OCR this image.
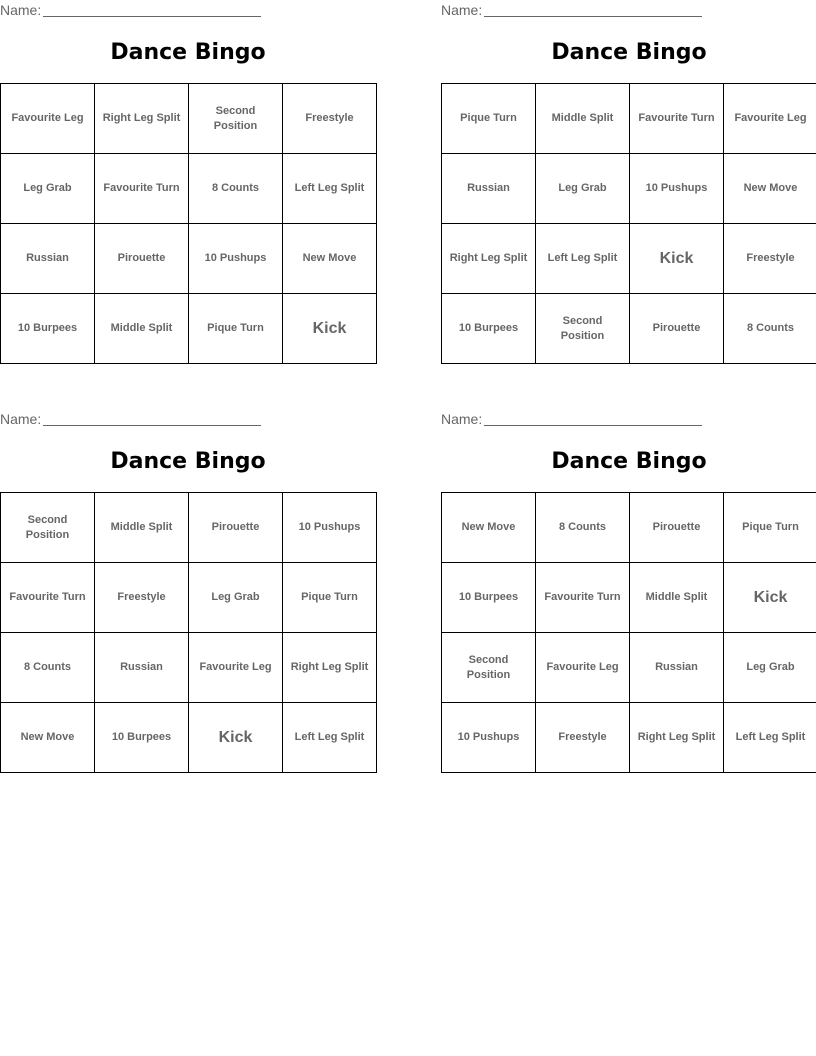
Name:
Dance Bingo
Favourite Leg	Right Leg Split	Second Position	Freestyle
Leg Grab	Favourite Turn	8 Counts	Left Leg Split
Russian	Pirouette	10 Pushups	New Move
10 Burpees	Middle Split	Pique Turn	Kick
Name:
Dance Bingo
Pique Turn	Middle Split	Favourite Turn	Favourite Leg
Russian	Leg Grab	10 Pushups	New Move
Right Leg Split	Left Leg Split	Kick	Freestyle
10 Burpees	Second Position	Pirouette	8 Counts
Name:
Dance Bingo
Second Position	Middle Split	Pirouette	10 Pushups
Favourite Turn	Freestyle	Leg Grab	Pique Turn
8 Counts	Russian	Favourite Leg	Right Leg Split
New Move	10 Burpees	Kick	Left Leg Split
Name:
Dance Bingo
New Move	8 Counts	Pirouette	Pique Turn
10 Burpees	Favourite Turn	Middle Split	Kick
Second Position	Favourite Leg	Russian	Leg Grab
10 Pushups	Freestyle	Right Leg Split	Left Leg Split
